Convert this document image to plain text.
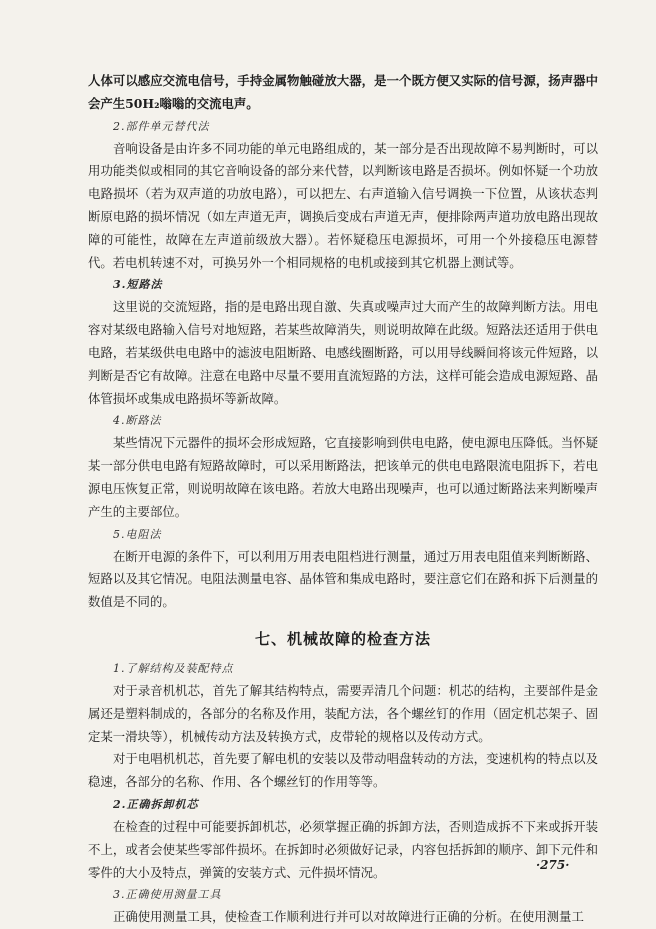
人体可以感应交流电信号，手持金属物触碰放大器，是一个既方便又实际的信号源，扬声器中会产生50H₂嗡嗡的交流电声。

2.部件单元替代法

音响设备是由许多不同功能的单元电路组成的，某一部分是否出现故障不易判断时，可以用功能类似或相同的其它音响设备的部分来代替，以判断该电路是否损坏。例如怀疑一个功放电路损坏（若为双声道的功放电路），可以把左、右声道输入信号调换一下位置，从该状态判断原电路的损坏情况（如左声道无声，调换后变成右声道无声，便排除两声道功放电路出现故障的可能性，故障在左声道前级放大器）。若怀疑稳压电源损坏，可用一个外接稳压电源替代。若电机转速不对，可换另外一个相同规格的电机或接到其它机器上测试等。

3.短路法

这里说的交流短路，指的是电路出现自激、失真或噪声过大而产生的故障判断方法。用电容对某级电路输入信号对地短路，若某些故障消失，则说明故障在此级。短路法还适用于供电电路，若某级供电电路中的滤波电阻断路、电感线圈断路，可以用导线瞬间将该元件短路，以判断是否它有故障。注意在电路中尽量不要用直流短路的方法，这样可能会造成电源短路、晶体管损坏或集成电路损坏等新故障。

4.断路法

某些情况下元器件的损坏会形成短路，它直接影响到供电电路，使电源电压降低。当怀疑某一部分供电电路有短路故障时，可以采用断路法，把该单元的供电电路限流电阻拆下，若电源电压恢复正常，则说明故障在该电路。若放大电路出现噪声，也可以通过断路法来判断噪声产生的主要部位。

5.电阻法

在断开电源的条件下，可以利用万用表电阻档进行测量，通过万用表电阻值来判断断路、短路以及其它情况。电阻法测量电容、晶体管和集成电路时，要注意它们在路和拆下后测量的数值是不同的。

七、机械故障的检查方法
1.了解结构及装配特点

对于录音机机芯，首先了解其结构特点，需要弄清几个问题：机芯的结构，主要部件是金属还是塑料制成的，各部分的名称及作用，装配方法，各个螺丝钉的作用（固定机芯架子、固定某一滑块等），机械传动方法及转换方式，皮带轮的规格以及传动方式。

对于电唱机机芯，首先要了解电机的安装以及带动唱盘转动的方法，变速机构的特点以及稳速，各部分的名称、作用、各个螺丝钉的作用等等。

2.正确拆卸机芯

在检查的过程中可能要拆卸机芯，必须掌握正确的拆卸方法，否则造成拆不下来或拆开装不上，或者会使某些零部件损坏。在拆卸时必须做好记录，内容包括拆卸的顺序、卸下元件和零件的大小及特点，弹簧的安装方式、元件损坏情况。

3.正确使用测量工具

正确使用测量工具，使检查工作顺利进行并可以对故障进行正确的分析。在使用测量工

·275·
